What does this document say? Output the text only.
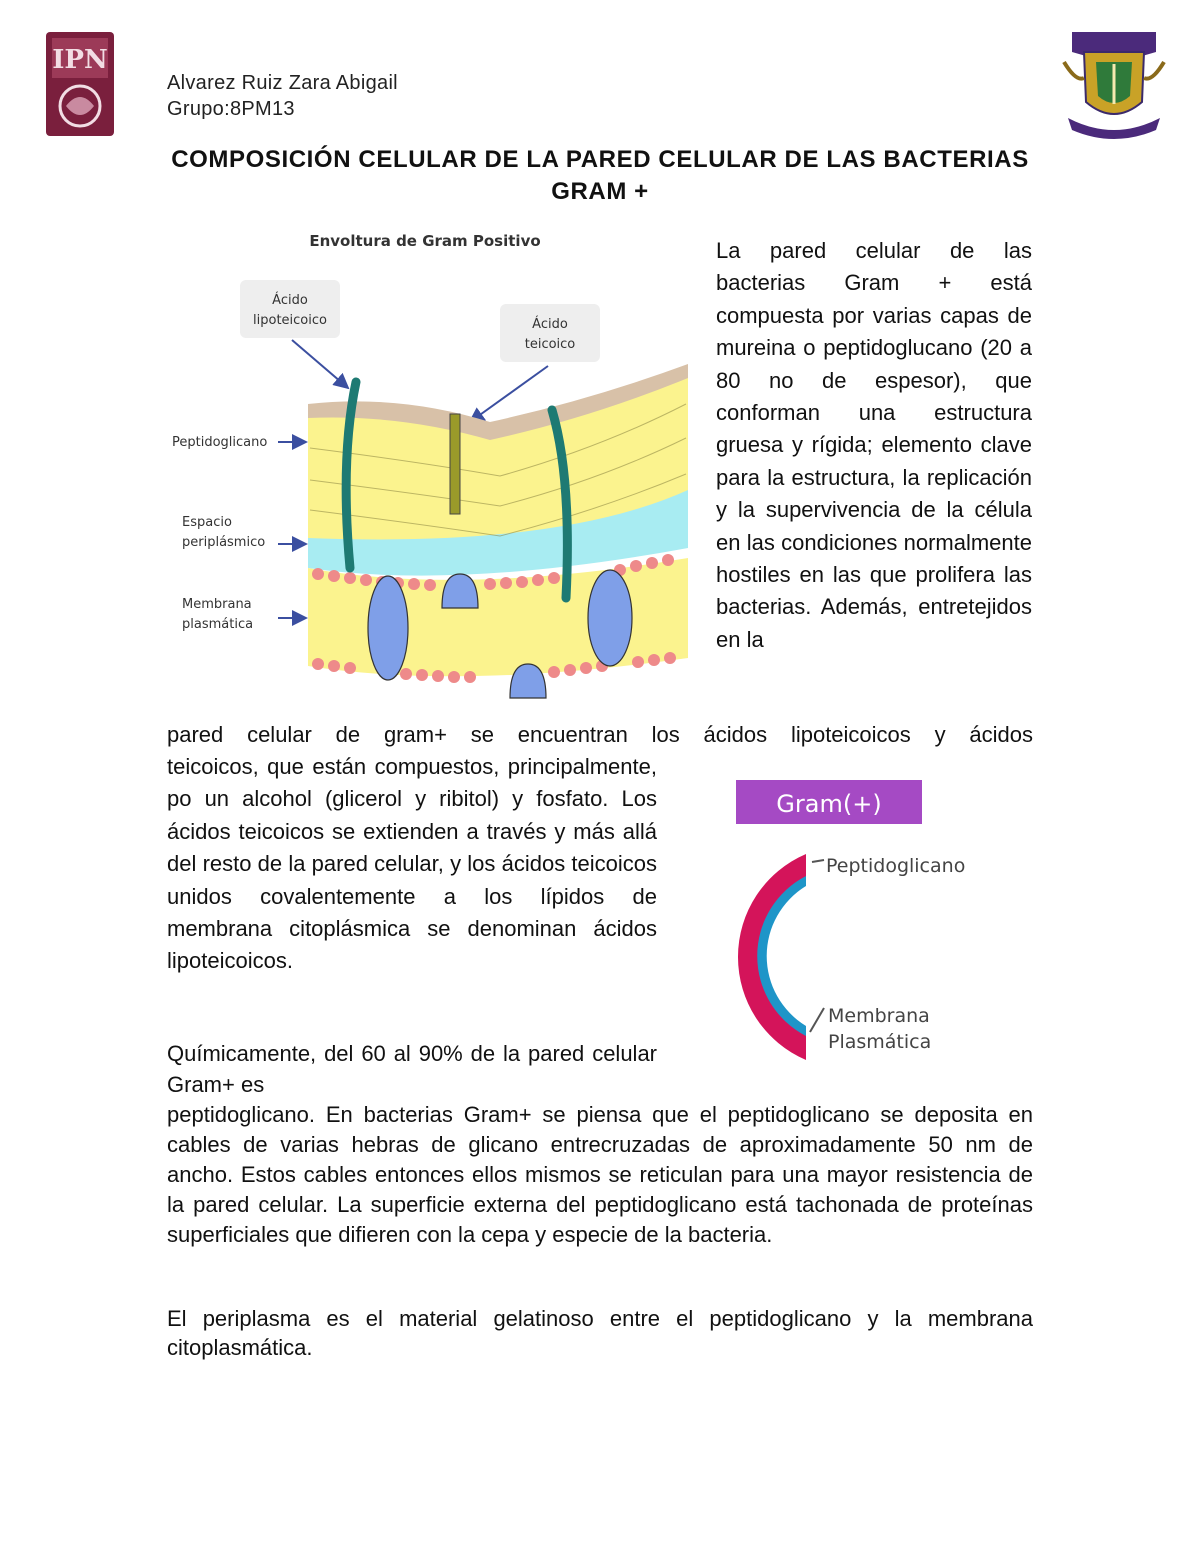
IPN
Alvarez Ruiz Zara Abigail
Grupo:8PM13
COMPOSICIÓN CELULAR DE LA PARED CELULAR DE LAS BACTERIAS GRAM +
Envoltura de Gram Positivo
Ácido
lipoteicoico	Ácido
teicoico
Peptidoglicano
Espacio
periplásmico
Membrana
plasmática
Gram(+)
Peptidoglicano
Membrana
Plasmática
La pared celular de las bacterias Gram + está compuesta por varias capas de mureina o peptidoglucano (20 a 80 no de espesor), que conforman una estructura gruesa y rígida; elemento clave para la estructura, la replicación y la supervivencia de la célula en las condiciones normalmente hostiles en las que prolifera las bacterias. Además, entretejidos en la
pared celular de gram+ se encuentran los ácidos lipoteicoicos y ácidos
teicoicos, que están compuestos, principalmente, po un alcohol (glicerol y ribitol) y fosfato. Los ácidos teicoicos se extienden a través y más allá del resto de la pared celular, y los ácidos teicoicos unidos covalentemente a los lípidos de membrana citoplásmica se denominan ácidos lipoteicoicos.
Químicamente, del 60 al 90% de la pared celular Gram+ es
peptidoglicano. En bacterias Gram+ se piensa que el peptidoglicano se deposita en cables de varias hebras de glicano entrecruzadas de aproximadamente 50 nm de ancho. Estos cables entonces ellos mismos se reticulan para una mayor resistencia de la pared celular. La superficie externa del peptidoglicano está tachonada de proteínas superficiales que difieren con la cepa y especie de la bacteria.
El periplasma es el material gelatinoso entre el peptidoglicano y la membrana citoplasmática.
